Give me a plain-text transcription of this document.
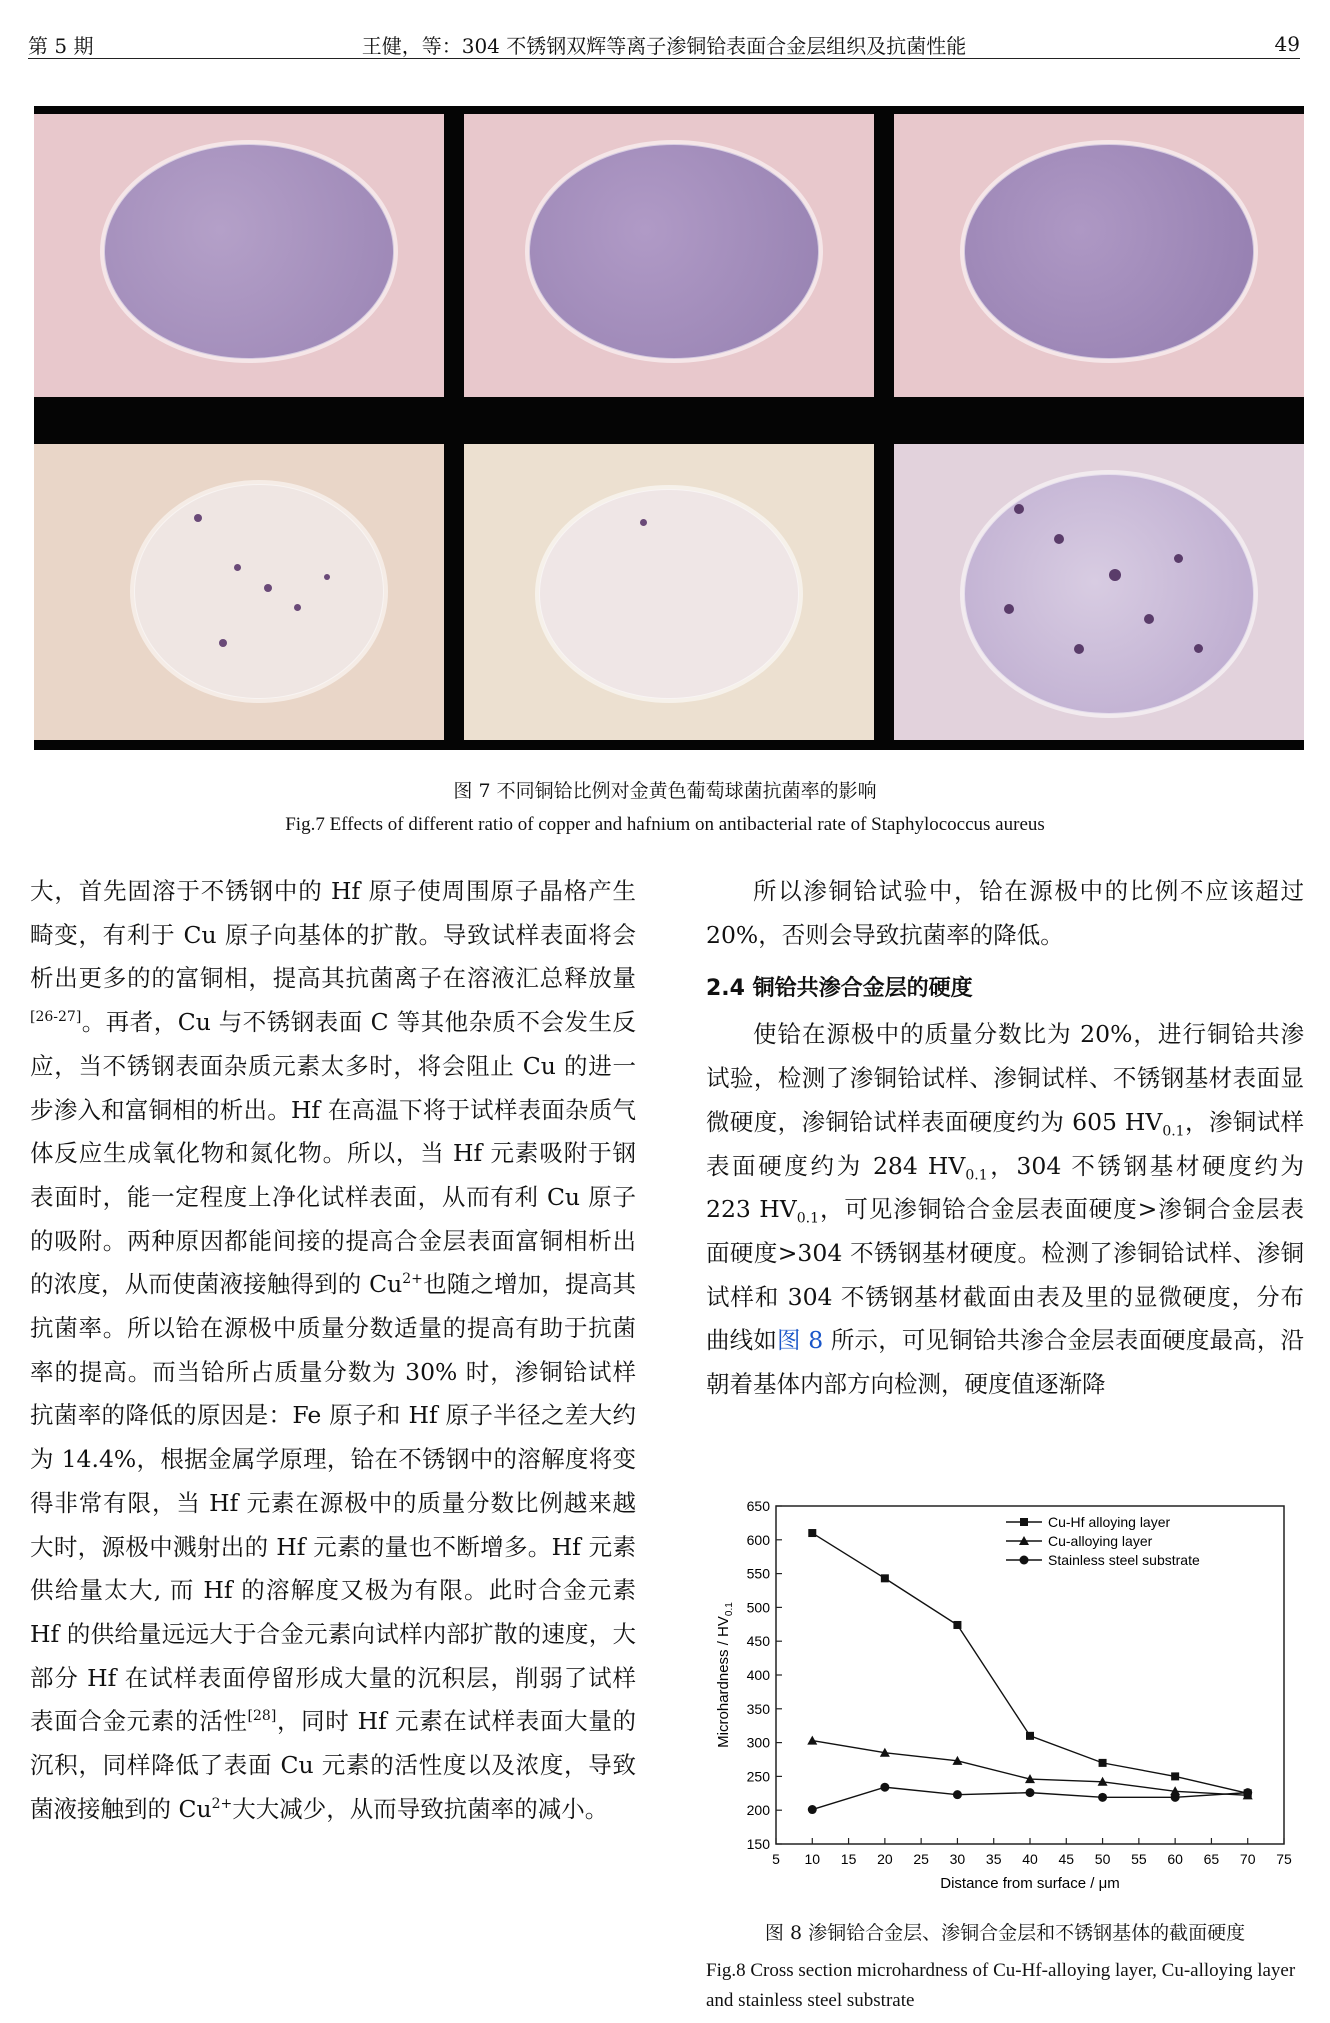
第 5 期	王健，等：304 不锈钢双辉等离子渗铜铪表面合金层组织及抗菌性能	49
图 7 不同铜铪比例对金黄色葡萄球菌抗菌率的影响
Fig.7 Effects of different ratio of copper and hafnium on antibacterial rate of Staphylococcus aureus

大，首先固溶于不锈钢中的 Hf 原子使周围原子晶格产生畸变，有利于 Cu 原子向基体的扩散。导致试样表面将会析出更多的的富铜相，提高其抗菌离子在溶液汇总释放量[26-27]。再者，Cu 与不锈钢表面 C 等其他杂质不会发生反应，当不锈钢表面杂质元素太多时，将会阻止 Cu 的进一步渗入和富铜相的析出。Hf 在高温下将于试样表面杂质气体反应生成氧化物和氮化物。所以，当 Hf 元素吸附于钢表面时，能一定程度上净化试样表面，从而有利 Cu 原子的吸附。两种原因都能间接的提高合金层表面富铜相析出的浓度，从而使菌液接触得到的 $Cu^{2+}$也随之增加，提高其抗菌率。所以铪在源极中质量分数适量的提高有助于抗菌率的提高。而当铪所占质量分数为 30% 时，渗铜铪试样抗菌率的降低的原因是：Fe 原子和 Hf 原子半径之差大约为 14.4%，根据金属学原理，铪在不锈钢中的溶解度将变得非常有限，当 Hf 元素在源极中的质量分数比例越来越大时，源极中溅射出的 Hf 元素的量也不断增多。Hf 元素供给量太大, 而 Hf 的溶解度又极为有限。此时合金元素 Hf 的供给量远远大于合金元素向试样内部扩散的速度，大部分 Hf 在试样表面停留形成大量的沉积层，削弱了试样表面合金元素的活性[28]，同时 Hf 元素在试样表面大量的沉积，同样降低了表面 Cu 元素的活性度以及浓度，导致菌液接触到的 $Cu^{2+}$大大减少，从而导致抗菌率的减小。

所以渗铜铪试验中，铪在源极中的比例不应该超过 20%，否则会导致抗菌率的降低。

2.4 铜铪共渗合金层的硬度

使铪在源极中的质量分数比为 20%，进行铜铪共渗试验，检测了渗铜铪试样、渗铜试样、不锈钢基材表面显微硬度，渗铜铪试样表面硬度约为 605 $HV_{0.1}$，渗铜试样表面硬度约为 284 $HV_{0.1}$，304 不锈钢基材硬度约为 223 $HV_{0.1}$，可见渗铜铪合金层表面硬度>渗铜合金层表面硬度>304 不锈钢基材硬度。检测了渗铜铪试样、渗铜试样和 304 不锈钢基材截面由表及里的显微硬度，分布曲线如图 8 所示，可见铜铪共渗合金层表面硬度最高，沿朝着基体内部方向检测，硬度值逐渐降

150
200
250
300
350
400
450
500
550
600
650
5 10 15 20 25 30 35 40 45 50 55 60 65 70 75
Cu-Hf alloying layer
Cu-alloying layer
Stainless steel substrate
Distance from surface / μm
Microhardness / $HV_{0.1}$
图 8 渗铜铪合金层、渗铜合金层和不锈钢基体的截面硬度
Fig.8 Cross section microhardness of Cu-Hf-alloying layer, Cu-alloying layer and stainless steel substrate
